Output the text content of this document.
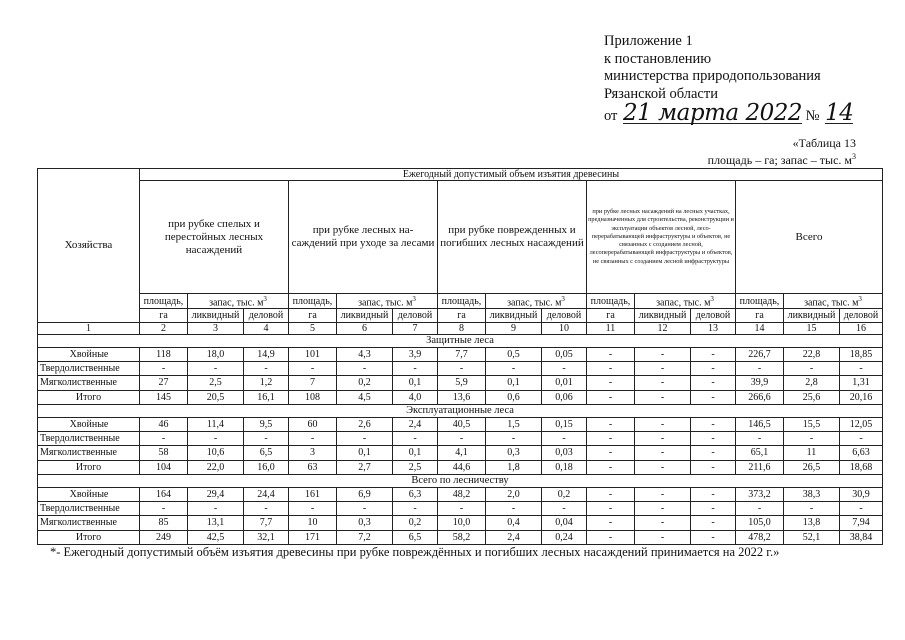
Приложение 1
к постановлению
министерства природопользования
Рязанской области
от 21 марта 2022 № 14
«Таблица 13
площадь – га; запас – тыс. $м^3$
Хозяйства	Ежегодный допустимый объем изъятия древесины														
	при рубке спелых и перестойных лесных насаждений			при рубке лесных на-саждений при уходе за лесами			при рубке поврежденных и погибших лесных насаждений			при рубке лесных насаждений на лесных участках, предназначенных для строительства, реконструкции и эксплуатации объектов лесной, лесо-перерабатывающей инфраструктуры и объектов, не связанных с созданием лесной, лесоперерабатывающей инфраструктуры и объектов, не связанных с созданием лесной инфраструктуры			Всего		
	площадь,	запас, тыс. $м^3$		площадь,	запас, тыс. $м^3$		площадь,	запас, тыс. $м^3$		площадь,	запас, тыс. $м^3$		площадь,	запас, тыс. $м^3$
	га	ликвидный	деловой	га	ликвидный	деловой	га	ликвидный	деловой	га	ликвидный	деловой	га	ликвидный	деловой
1	2	3	4	5	6	7	8	9	10	11	12	13	14	15	16
Защитные леса															
Хвойные	118	18,0	14,9	101	4,3	3,9	7,7	0,5	0,05	-	-	-	226,7	22,8	18,85
Твердолиственные	-	-	-	-	-	-	-	-	-	-	-	-	-	-	-
Мягколиственные	27	2,5	1,2	7	0,2	0,1	5,9	0,1	0,01	-	-	-	39,9	2,8	1,31
Итого	145	20,5	16,1	108	4,5	4,0	13,6	0,6	0,06	-	-	-	266,6	25,6	20,16
Эксплуатационные леса															
Хвойные	46	11,4	9,5	60	2,6	2,4	40,5	1,5	0,15	-	-	-	146,5	15,5	12,05
Твердолиственные	-	-	-	-	-	-	-	-	-	-	-	-	-	-	-
Мягколиственные	58	10,6	6,5	3	0,1	0,1	4,1	0,3	0,03	-	-	-	65,1	11	6,63
Итого	104	22,0	16,0	63	2,7	2,5	44,6	1,8	0,18	-	-	-	211,6	26,5	18,68
Всего по лесничеству															
Хвойные	164	29,4	24,4	161	6,9	6,3	48,2	2,0	0,2	-	-	-	373,2	38,3	30,9
Твердолиственные	-	-	-	-	-	-	-	-	-	-	-	-	-	-	-
Мягколиственные	85	13,1	7,7	10	0,3	0,2	10,0	0,4	0,04	-	-	-	105,0	13,8	7,94
Итого	249	42,5	32,1	171	7,2	6,5	58,2	2,4	0,24	-	-	-	478,2	52,1	38,84
*- Ежегодный допустимый объём изъятия древесины при рубке повреждённых и погибших лесных насаждений принимается на 2022 г.»
